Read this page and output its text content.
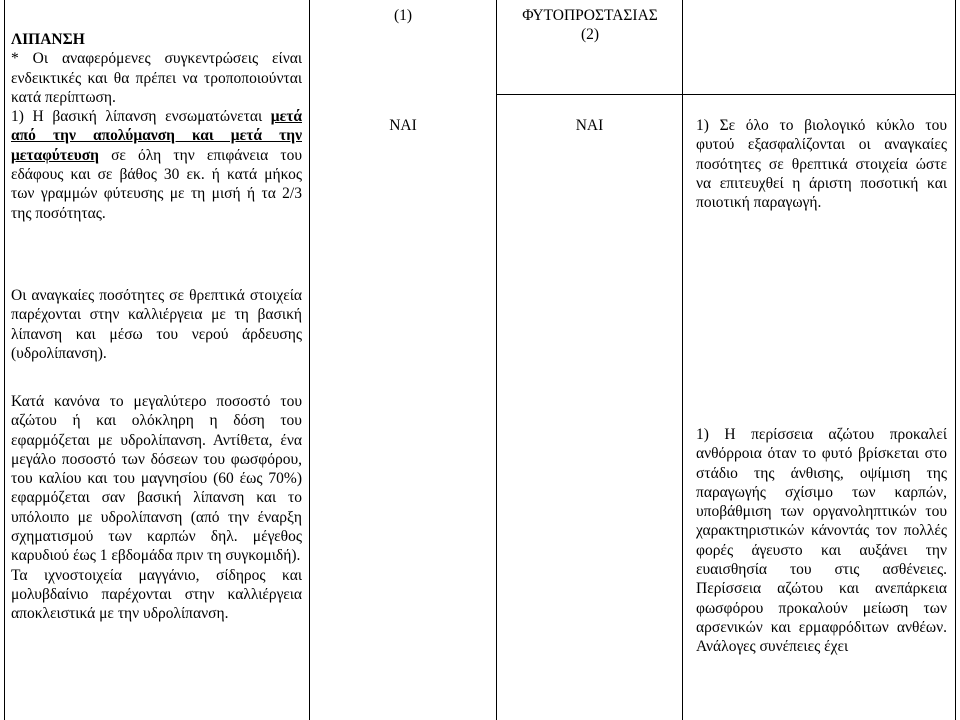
ΛΙΠΑΝΣΗ

* Οι αναφερόμενες συγκεντρώσεις είναι ενδεικτικές και θα πρέπει να τροποποιούνται κατά περίπτωση.

1) Η βασική λίπανση ενσωματώνεται μετά από την απολύμανση και μετά την μεταφύτευση σε όλη την επιφάνεια του εδάφους και σε βάθος 30 εκ. ή κατά μήκος των γραμμών φύτευσης με τη μισή ή τα 2/3 της ποσότητας.

Οι αναγκαίες ποσότητες σε θρεπτικά στοιχεία παρέχονται στην καλλιέργεια με τη βασική λίπανση και μέσω του νερού άρδευσης (υδρολίπανση).

Κατά κανόνα το μεγαλύτερο ποσοστό του αζώτου ή και ολόκληρη η δόση του εφαρμόζεται με υδρολίπανση. Αντίθετα, ένα μεγάλο ποσοστό των δόσεων του φωσφόρου, του καλίου και του μαγνησίου (60 έως 70%) εφαρμόζεται σαν βασική λίπανση και το υπόλοιπο με υδρολίπανση (από την έναρξη σχηματισμού των καρπών δηλ. μέγεθος καρυδιού έως 1 εβδομάδα πριν τη συγκομιδή).

Τα ιχνοστοιχεία μαγγάνιο, σίδηρος και μολυβδαίνιο παρέχονται στην καλλιέργεια αποκλειστικά με την υδρολίπανση.

(1)

ΝΑΙ

ΦΥΤΟΠΡΟΣΤΑΣΙΑΣ (2)

ΝΑΙ	1) Σε όλο το βιολογικό κύκλο του φυτού εξασφαλίζονται οι αναγκαίες ποσότητες σε θρεπτικά στοιχεία ώστε να επιτευχθεί η άριστη ποσοτική και ποιοτική παραγωγή.

1) Η περίσσεια αζώτου προκαλεί ανθόρροια όταν το φυτό βρίσκεται στο στάδιο της άνθισης, οψίμιση της παραγωγής σχίσιμο των καρπών, υποβάθμιση των οργανοληπτικών του χαρακτηριστικών κάνοντάς τον πολλές φορές άγευστο και αυξάνει την ευαισθησία του στις ασθένειες. Περίσσεια αζώτου και ανεπάρκεια φωσφόρου προκαλούν μείωση των αρσενικών και ερμαφρόδιτων ανθέων. Ανάλογες συνέπειες έχει
